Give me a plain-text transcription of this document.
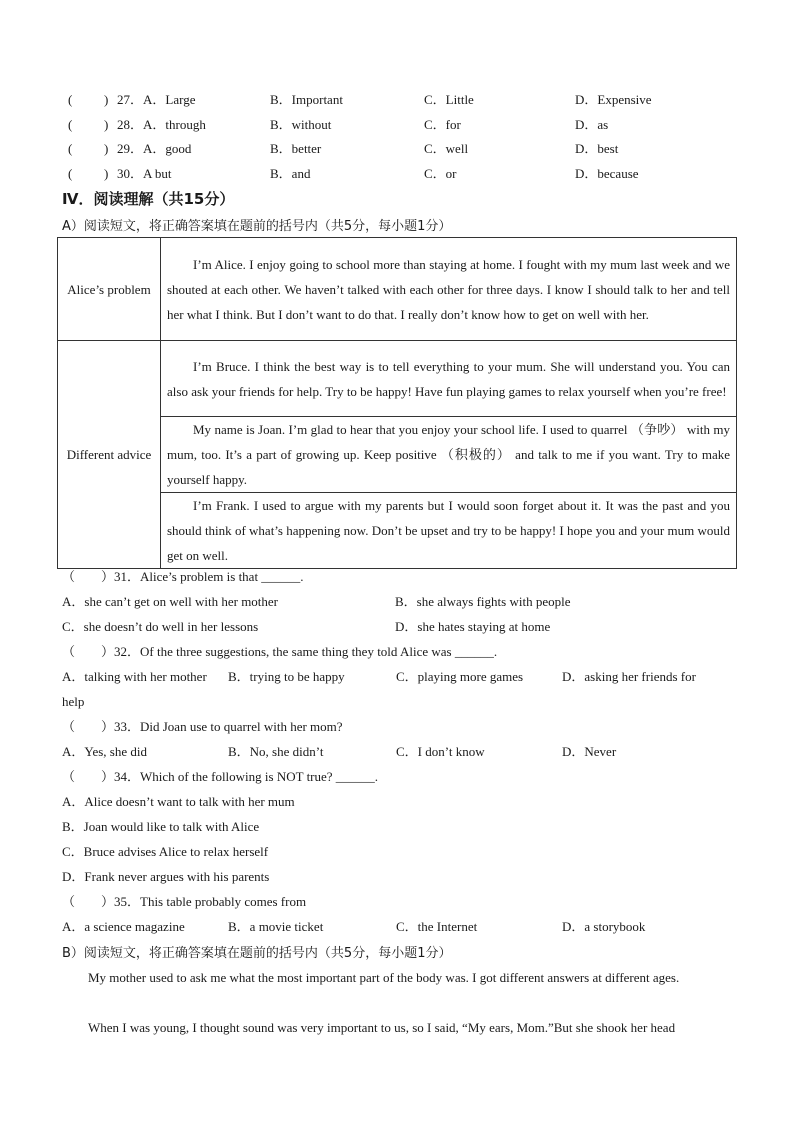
( ) 27．A．Large	B．Important	C．Little	D．Expensive
( ) 28．A．through	B．without	C．for	D．as
( ) 29．A．good	B．better	C．well	D．best
( ) 30．A but	B．and	C．or	D．because
Ⅳ．阅读理解（共15分）
A）阅读短文，将正确答案填在题前的括号内（共5分，每小题1分）
Alice’s problem	I’m Alice. I enjoy going to school more than staying at home. I fought with my mum last week and we shouted at each other. We haven’t talked with each other for three days. I know I should talk to her and tell her what I think. But I don’t want to do that. I really don’t know how to get on well with her.
Different advice	I’m Bruce. I think the best way is to tell everything to your mum. She will understand you. You can also ask your friends for help. Try to be happy! Have fun playing games to relax yourself when you’re free!
	My name is Joan. I’m glad to hear that you enjoy your school life. I used to quarrel （争吵） with my mum, too. It’s a part of growing up. Keep positive （积极的） and talk to me if you want. Try to make yourself happy.
	I’m Frank. I used to argue with my parents but I would soon forget about it. It was the past and you should think of what’s happening now. Don’t be upset and try to be happy! I hope you and your mum would get on well.
（　　）31．Alice’s problem is that ______.
A．she can’t get on well with her mother	B．she always fights with people
C．she doesn’t do well in her lessons	D．she hates staying at home
（　　）32．Of the three suggestions, the same thing they told Alice was ______.
A．talking with her mother B．trying to be happy	C．playing more games	D．asking her friends for
help
（　　）33．Did Joan use to quarrel with her mom?
A．Yes, she did	B．No, she didn’t	C．I don’t know	D．Never
（　　）34．Which of the following is NOT true? ______.
A．Alice doesn’t want to talk with her mum
B．Joan would like to talk with Alice
C．Bruce advises Alice to relax herself
D．Frank never argues with his parents
（　　）35．This table probably comes from
A．a science magazine	B．a movie ticket	C．the Internet	D．a storybook
B）阅读短文，将正确答案填在题前的括号内（共5分，每小题1分）
My mother used to ask me what the most important part of the body was. I got different answers at different ages.
When I was young, I thought sound was very important to us, so I said, “My ears, Mom.”But she shook her head
